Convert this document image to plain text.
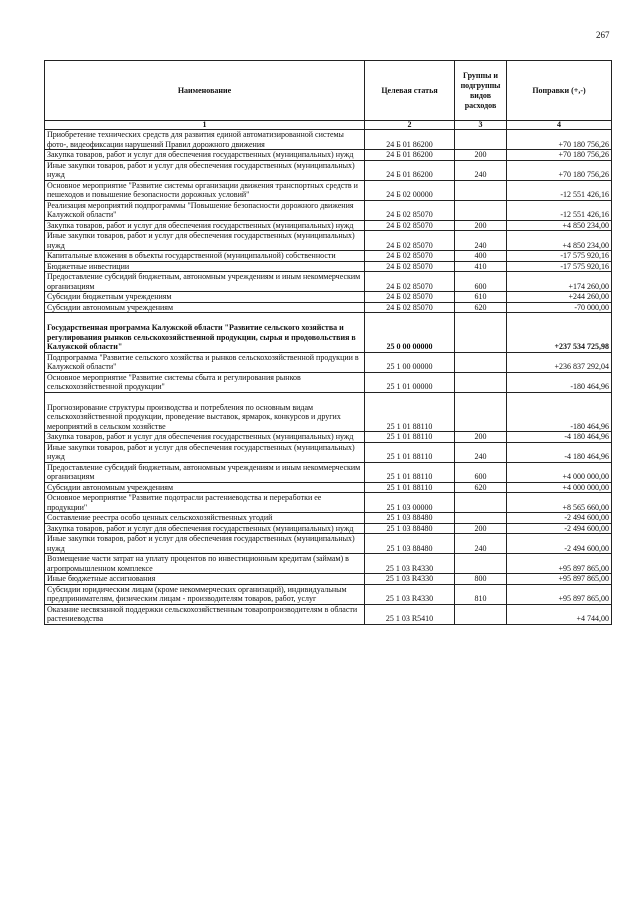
267
Наименование	Целевая статья	Группы и подгруппы видов расходов	Поправки (+,-)
1	2	3	4
Приобретение технических средств для развития единой автоматизированной системы фото-, видеофиксации нарушений Правил дорожного движения	24 Б 01 86200		+70 180 756,26
Закупка товаров, работ и услуг для обеспечения государственных (муниципальных) нужд	24 Б 01 86200	200	+70 180 756,26
Иные закупки товаров, работ и услуг для обеспечения государственных (муниципальных) нужд	24 Б 01 86200	240	+70 180 756,26
Основное мероприятие "Развитие системы организации движения транспортных средств и пешеходов и повышение безопасности дорожных условий"	24 Б 02 00000		-12 551 426,16
Реализация мероприятий подпрограммы "Повышение безопасности дорожного движения Калужской области"	24 Б 02 85070		-12 551 426,16
Закупка товаров, работ и услуг для обеспечения государственных (муниципальных) нужд	24 Б 02 85070	200	+4 850 234,00
Иные закупки товаров, работ и услуг для обеспечения государственных (муниципальных) нужд	24 Б 02 85070	240	+4 850 234,00
Капитальные вложения в объекты государственной (муниципальной) собственности	24 Б 02 85070	400	-17 575 920,16
Бюджетные инвестиции	24 Б 02 85070	410	-17 575 920,16
Предоставление субсидий бюджетным, автономным учреждениям и иным некоммерческим организациям	24 Б 02 85070	600	+174 260,00
Субсидии бюджетным учреждениям	24 Б 02 85070	610	+244 260,00
Субсидии автономным учреждениям	24 Б 02 85070	620	-70 000,00
Государственная программа Калужской области "Развитие сельского хозяйства и регулирования рынков сельскохозяйственной продукции, сырья и продовольствия в Калужской области"	25 0 00 00000		+237 534 725,98
Подпрограмма "Развитие сельского хозяйства и рынков сельскохозяйственной продукции в Калужской области"	25 1 00 00000		+236 837 292,04
Основное мероприятие "Развитие системы сбыта и регулирования рынков сельскохозяйственной продукции"	25 1 01 00000		-180 464,96
Прогнозирование структуры производства и потребления по основным видам сельскохозяйственной продукции, проведение выставок, ярмарок, конкурсов и других мероприятий в сельском хозяйстве	25 1 01 88110		-180 464,96
Закупка товаров, работ и услуг для обеспечения государственных (муниципальных) нужд	25 1 01 88110	200	-4 180 464,96
Иные закупки товаров, работ и услуг для обеспечения государственных (муниципальных) нужд	25 1 01 88110	240	-4 180 464,96
Предоставление субсидий бюджетным, автономным учреждениям и иным некоммерческим организациям	25 1 01 88110	600	+4 000 000,00
Субсидии автономным учреждениям	25 1 01 88110	620	+4 000 000,00
Основное мероприятие "Развитие подотрасли растениеводства и переработки ее продукции"	25 1 03 00000		+8 565 660,00
Составление реестра особо ценных сельскохозяйственных угодий	25 1 03 88480		-2 494 600,00
Закупка товаров, работ и услуг для обеспечения государственных (муниципальных) нужд	25 1 03 88480	200	-2 494 600,00
Иные закупки товаров, работ и услуг для обеспечения государственных (муниципальных) нужд	25 1 03 88480	240	-2 494 600,00
Возмещение части затрат на уплату процентов по инвестиционным кредитам (займам) в агропромышленном комплексе	25 1 03 R4330		+95 897 865,00
Иные бюджетные ассигнования	25 1 03 R4330	800	+95 897 865,00
Субсидии юридическим лицам (кроме некоммерческих организаций), индивидуальным предпринимателям, физическим лицам - производителям товаров, работ, услуг	25 1 03 R4330	810	+95 897 865,00
Оказание несвязанной поддержки сельскохозяйственным товаропроизводителям в области растениеводства	25 1 03 R5410		+4 744,00
